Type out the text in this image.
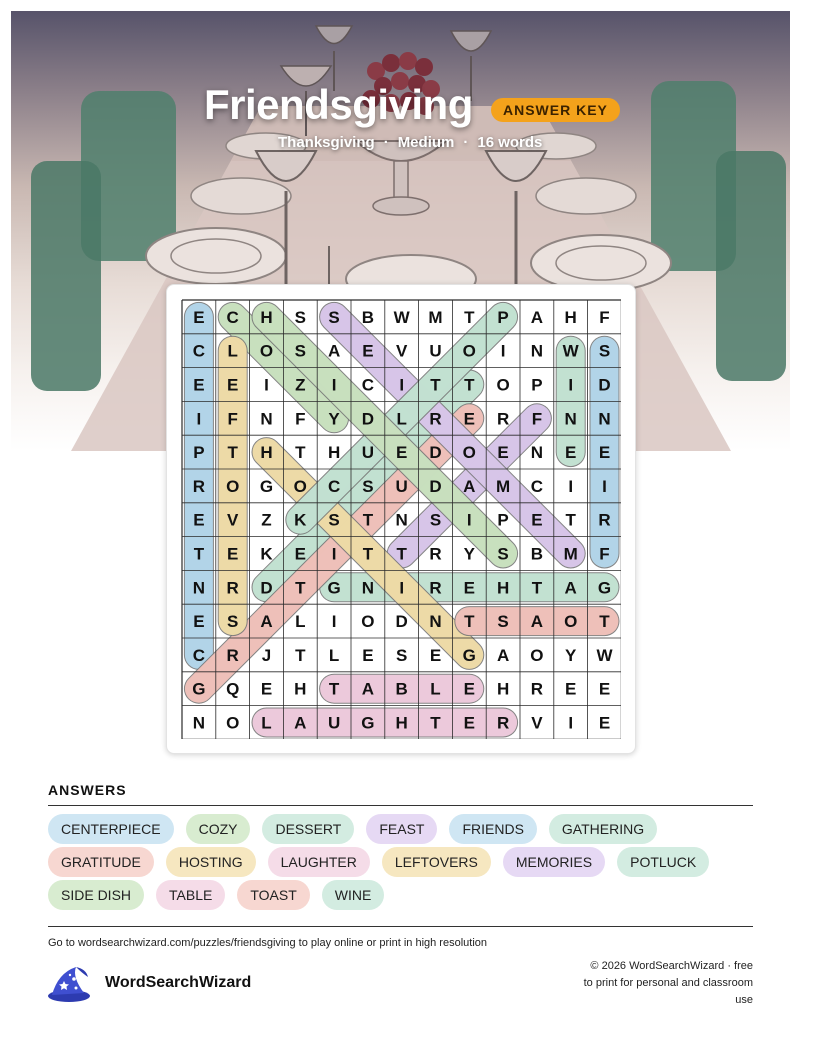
Friendsgiving	ANSWER KEY
Thanksgiving · Medium · 16 words
E C H S S B W M T P A H F
C L O S A E V U O I N W S
E E I Z I C I T T O P I D
I F N F Y D L R E R F N N
P T H T H U E D O E N E E
R O G O C S U D A M C I I
E V Z K S T N S I P E T R
T E K E I T T R Y S B M F
N R D T G N I R E H T A G
E S A L I O D N T S A O T
C R J T L E S E G A O Y W
G Q E H T A B L E H R E E
N O L A U G H T E R V I E
ANSWERS
CENTERPIECE	COZY	DESSERT	FEAST	FRIENDS	GATHERING
GRATITUDE	HOSTING	LAUGHTER	LEFTOVERS	MEMORIES	POTLUCK
SIDE DISH	TABLE	TOAST	WINE
Go to wordsearchwizard.com/puzzles/friendsgiving to play online or print in high resolution
WordSearchWizard
© 2026 WordSearchWizard · free to print for personal and classroom use
